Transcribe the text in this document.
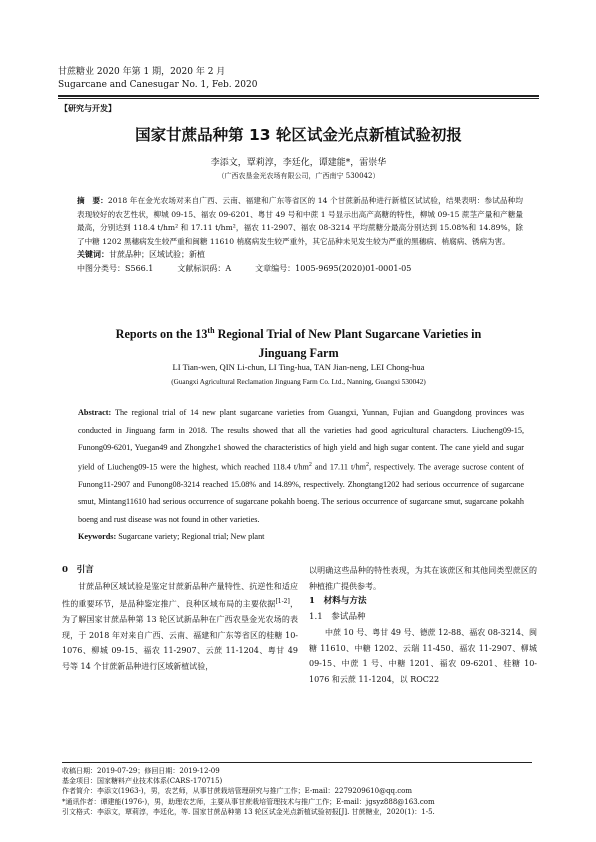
甘蔗糖业 2020 年第 1 期，2020 年 2 月
Sugarcane and Canesugar No. 1, Feb. 2020
【研究与开发】
国家甘蔗品种第 13 轮区试金光点新植试验初报
李添文，覃莉淳，李廷化，谭建能*，雷崇华
（广西农垦金光农场有限公司，广西南宁 530042）

摘　要：2018 年在金光农场对来自广西、云南、福建和广东等省区的 14 个甘蔗新品种进行新植区试试验，结果表明：参试品种均表现较好的农艺性状，柳城 09-15、福农 09-6201、粤甘 49 号和中蔗 1 号显示出高产高糖的特性，柳城 09-15 蔗茎产量和产糖量最高，分别达到 118.4 t/hm² 和 17.11 t/hm²，福农 11-2907、福农 08-3214 平均蔗糖分最高分别达到 15.08%和 14.89%，除了中糖 1202 黑穗病发生较严重和闽糖 11610 梢腐病发生较严重外，其它品种未见发生较为严重的黑穗病、梢腐病、锈病为害。

关键词：甘蔗品种；区域试验；新植
中图分类号：S566.1　　　	文献标识码：A　　　	文章编号：1005-9695(2020)01-0001-05
Reports on the 13th Regional Trial of New Plant Sugarcane Varieties in
Jinguang Farm
LI Tian-wen, QIN Li-chun, LI Ting-hua, TAN Jian-neng, LEI Chong-hua
(Guangxi Agricultural Reclamation Jinguang Farm Co. Ltd., Nanning, Guangxi 530042)

Abstract: The regional trial of 14 new plant sugarcane varieties from Guangxi, Yunnan, Fujian and Guangdong provinces was conducted in Jinguang farm in 2018. The results showed that all the varieties had good agricultural characters. Liucheng09-15, Funong09-6201, Yuegan49 and Zhongzhe1 showed the characteristics of high yield and high sugar content. The cane yield and sugar yield of Liucheng09-15 were the highest, which reached 118.4 $t/hm^2$ and 17.11 $t/hm^2$, respectively. The average sucrose content of Funong11-2907 and Funong08-3214 reached 15.08% and 14.89%, respectively. Zhongtang1202 had serious occurrence of sugarcane smut, Mintang11610 had serious occurrence of sugarcane pokahh boeng. The serious occurrence of sugarcane smut, sugarcane pokahh boeng and rust disease was not found in other varieties.

Keywords: Sugarcane variety; Regional trial; New plant
0　引言

甘蔗品种区域试验是鉴定甘蔗新品种产量特性、抗逆性和适应性的重要环节，是品种鉴定推广、良种区域布局的主要依据[1-2]，为了解国家甘蔗品种第 13 轮区试新品种在广西农垦金光农场的表现，于 2018 年对来自广西、云南、福建和广东等省区的桂糖 10-1076、柳城 09-15、福农 11-2907、云蔗 11-1204、粤甘 49 号等 14 个甘蔗新品种进行区域新植试验，

以明确这些品种的特性表现，为其在该蔗区和其他同类型蔗区的种植推广提供参考。

1　材料与方法
1.1　参试品种

中蔗 10 号、粤甘 49 号、德蔗 12-88、福农 08-3214、闽糖 11610、中糖 1202、云瑞 11-450、福农 11-2907、柳城 09-15、中蔗 1 号、中糖 1201、福农 09-6201、桂糖 10-1076 和云蔗 11-1204，以 ROC22

收稿日期：2019-07-29；修回日期：2019-12-09
基金项目：国家糖料产业技术体系(CARS-170715)
作者简介：李添文(1963-)，男，农艺师，从事甘蔗栽培管理研究与推广工作；E-mail：2279209610@qq.com
*通讯作者：谭建能(1976-)，男，助理农艺师，主要从事甘蔗栽培管理技术与推广工作；E-mail：jgsyz888@163.com
引文格式：李添文，覃莉淳，李廷化，等. 国家甘蔗品种第 13 轮区试金光点新植试验初报[J]. 甘蔗糖业，2020(1)：1-5.
